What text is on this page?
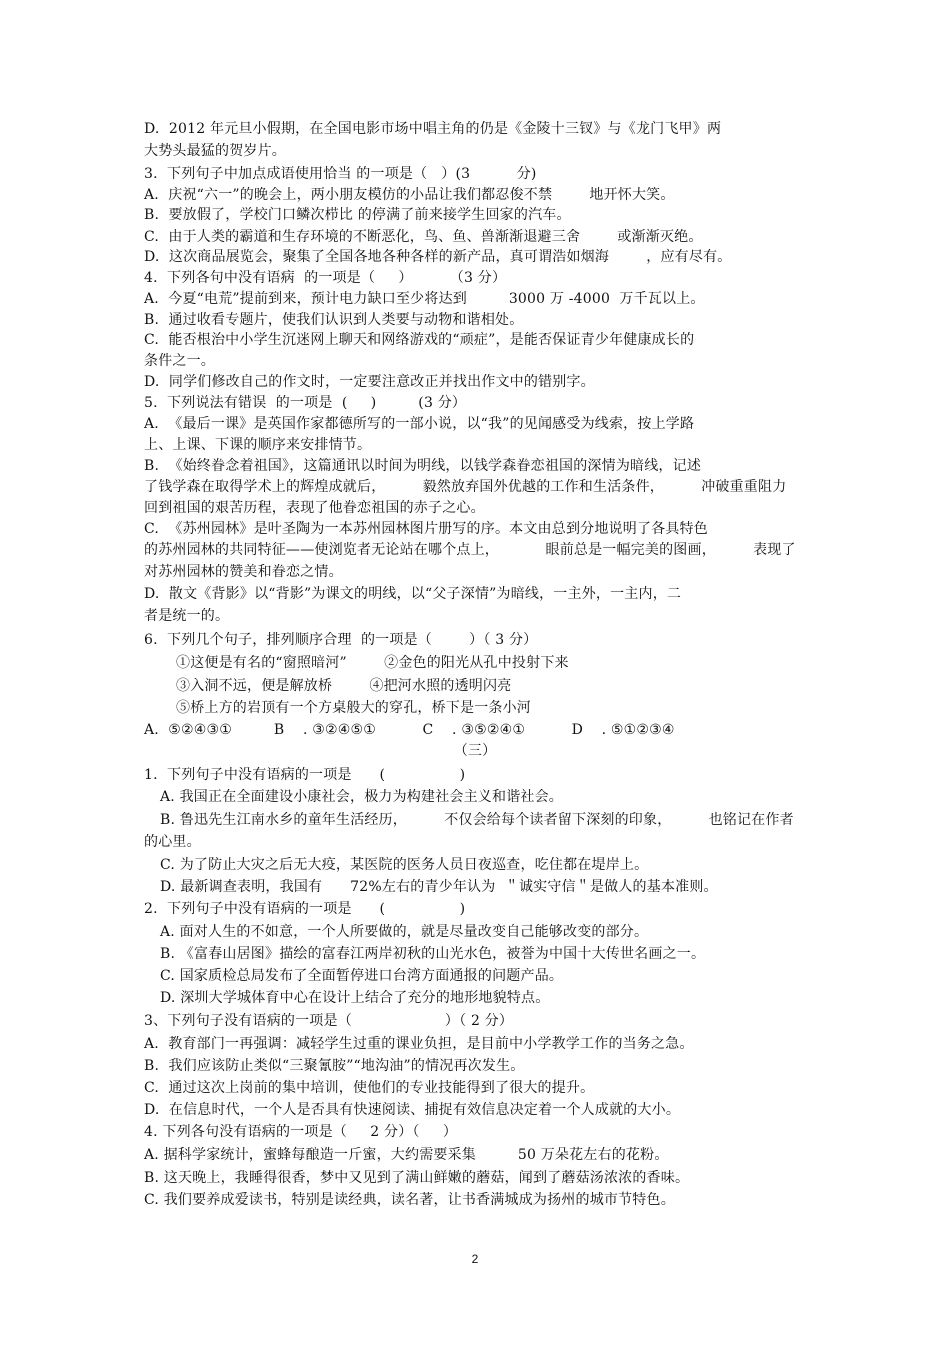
D.  2012 年元旦小假期，在全国电影市场中唱主角的仍是《金陵十三钗》与《龙门飞甲》两
大势头最猛的贺岁片。
3.  下列句子中加点成语使用恰当 的一项是（   ）(3          分)
A.  庆祝“六一”的晚会上，两小朋友模仿的小品让我们都忍俊不禁        地开怀大笑。
B.  要放假了，学校门口鳞次栉比 的停满了前来接学生回家的汽车。
C.  由于人类的霸道和生存环境的不断恶化，鸟、鱼、兽渐渐退避三舍        或渐渐灭绝。
D.  这次商品展览会，聚集了全国各地各种各样的新产品，真可谓浩如烟海        ，应有尽有。
4.  下列各句中没有语病  的一项是（     ）        （3 分）
A.  今夏“电荒”提前到来，预计电力缺口至少将达到         3000 万 -4000  万千瓦以上。
B.  通过收看专题片，使我们认识到人类要与动物和谐相处。
C.  能否根治中小学生沉迷网上聊天和网络游戏的“顽症”，是能否保证青少年健康成长的
条件之一。
D.  同学们修改自己的作文时，一定要注意改正并找出作文中的错别字。
5.  下列说法有错误  的一项是  (     )         (3 分）
A.  《最后一课》是英国作家都德所写的一部小说，以“我”的见闻感受为线索，按上学路
上、上课、下课的顺序来安排情节。
B.  《始终眷念着祖国》，这篇通讯以时间为明线，以钱学森眷恋祖国的深情为暗线，记述
了钱学森在取得学术上的辉煌成就后，        毅然放弃国外优越的工作和生活条件，        冲破重重阻力
回到祖国的艰苦历程，表现了他眷恋祖国的赤子之心。
C.  《苏州园林》是叶圣陶为一本苏州园林图片册写的序。本文由总到分地说明了各具特色
的苏州园林的共同特征——使浏览者无论站在哪个点上，          眼前总是一幅完美的图画，        表现了
对苏州园林的赞美和眷恋之情。
D.  散文《背影》以“背影”为课文的明线，以“父子深情”为暗线，一主外，一主内，二
者是统一的。
6.  下列几个句子，排列顺序合理  的一项是（        ）（ 3 分）
①这便是有名的“窗照暗河”        ②金色的阳光从孔中投射下来
③入洞不远，便是解放桥        ④把河水照的透明闪亮
⑤桥上方的岩顶有一个方桌般大的穿孔，桥下是一条小河
A.  ⑤②④③①         B    . ③②④⑤①          C    . ③⑤②④①          D    . ⑤①②③④
（三）
1.  下列句子中没有语病的一项是      (                )
A. 我国正在全面建设小康社会，极力为构建社会主义和谐社会。
B. 鲁迅先生江南水乡的童年生活经历，        不仅会给每个读者留下深刻的印象，        也铭记在作者
的心里。
C. 为了防止大灾之后无大疫，某医院的医务人员日夜巡查，吃住都在堤岸上。
D. 最新调查表明，我国有      72%左右的青少年认为  ＂诚实守信＂是做人的基本准则。
2.  下列句子中没有语病的一项是      (                )
A. 面对人生的不如意，一个人所要做的，就是尽量改变自己能够改变的部分。
B. 《富春山居图》描绘的富春江两岸初秋的山光水色，被誉为中国十大传世名画之一。
C. 国家质检总局发布了全面暂停进口台湾方面通报的问题产品。
D. 深圳大学城体育中心在设计上结合了充分的地形地貌特点。
3、下列句子没有语病的一项是（                    ）（ 2 分）
A.  教育部门一再强调：减轻学生过重的课业负担，是目前中小学教学工作的当务之急。
B.  我们应该防止类似“三聚氰胺”“地沟油”的情况再次发生。
C.  通过这次上岗前的集中培训，使他们的专业技能得到了很大的提升。
D.  在信息时代，一个人是否具有快速阅读、捕捉有效信息决定着一个人成就的大小。
4. 下列各句没有语病的一项是（     2 分）（     ）
A. 据科学家统计，蜜蜂每酿造一斤蜜，大约需要采集         50 万朵花左右的花粉。
B. 这天晚上，我睡得很香，梦中又见到了满山鲜嫩的蘑菇，闻到了蘑菇汤浓浓的香味。
C. 我们要养成爱读书，特别是读经典，读名著，让书香满城成为扬州的城市节特色。
2
